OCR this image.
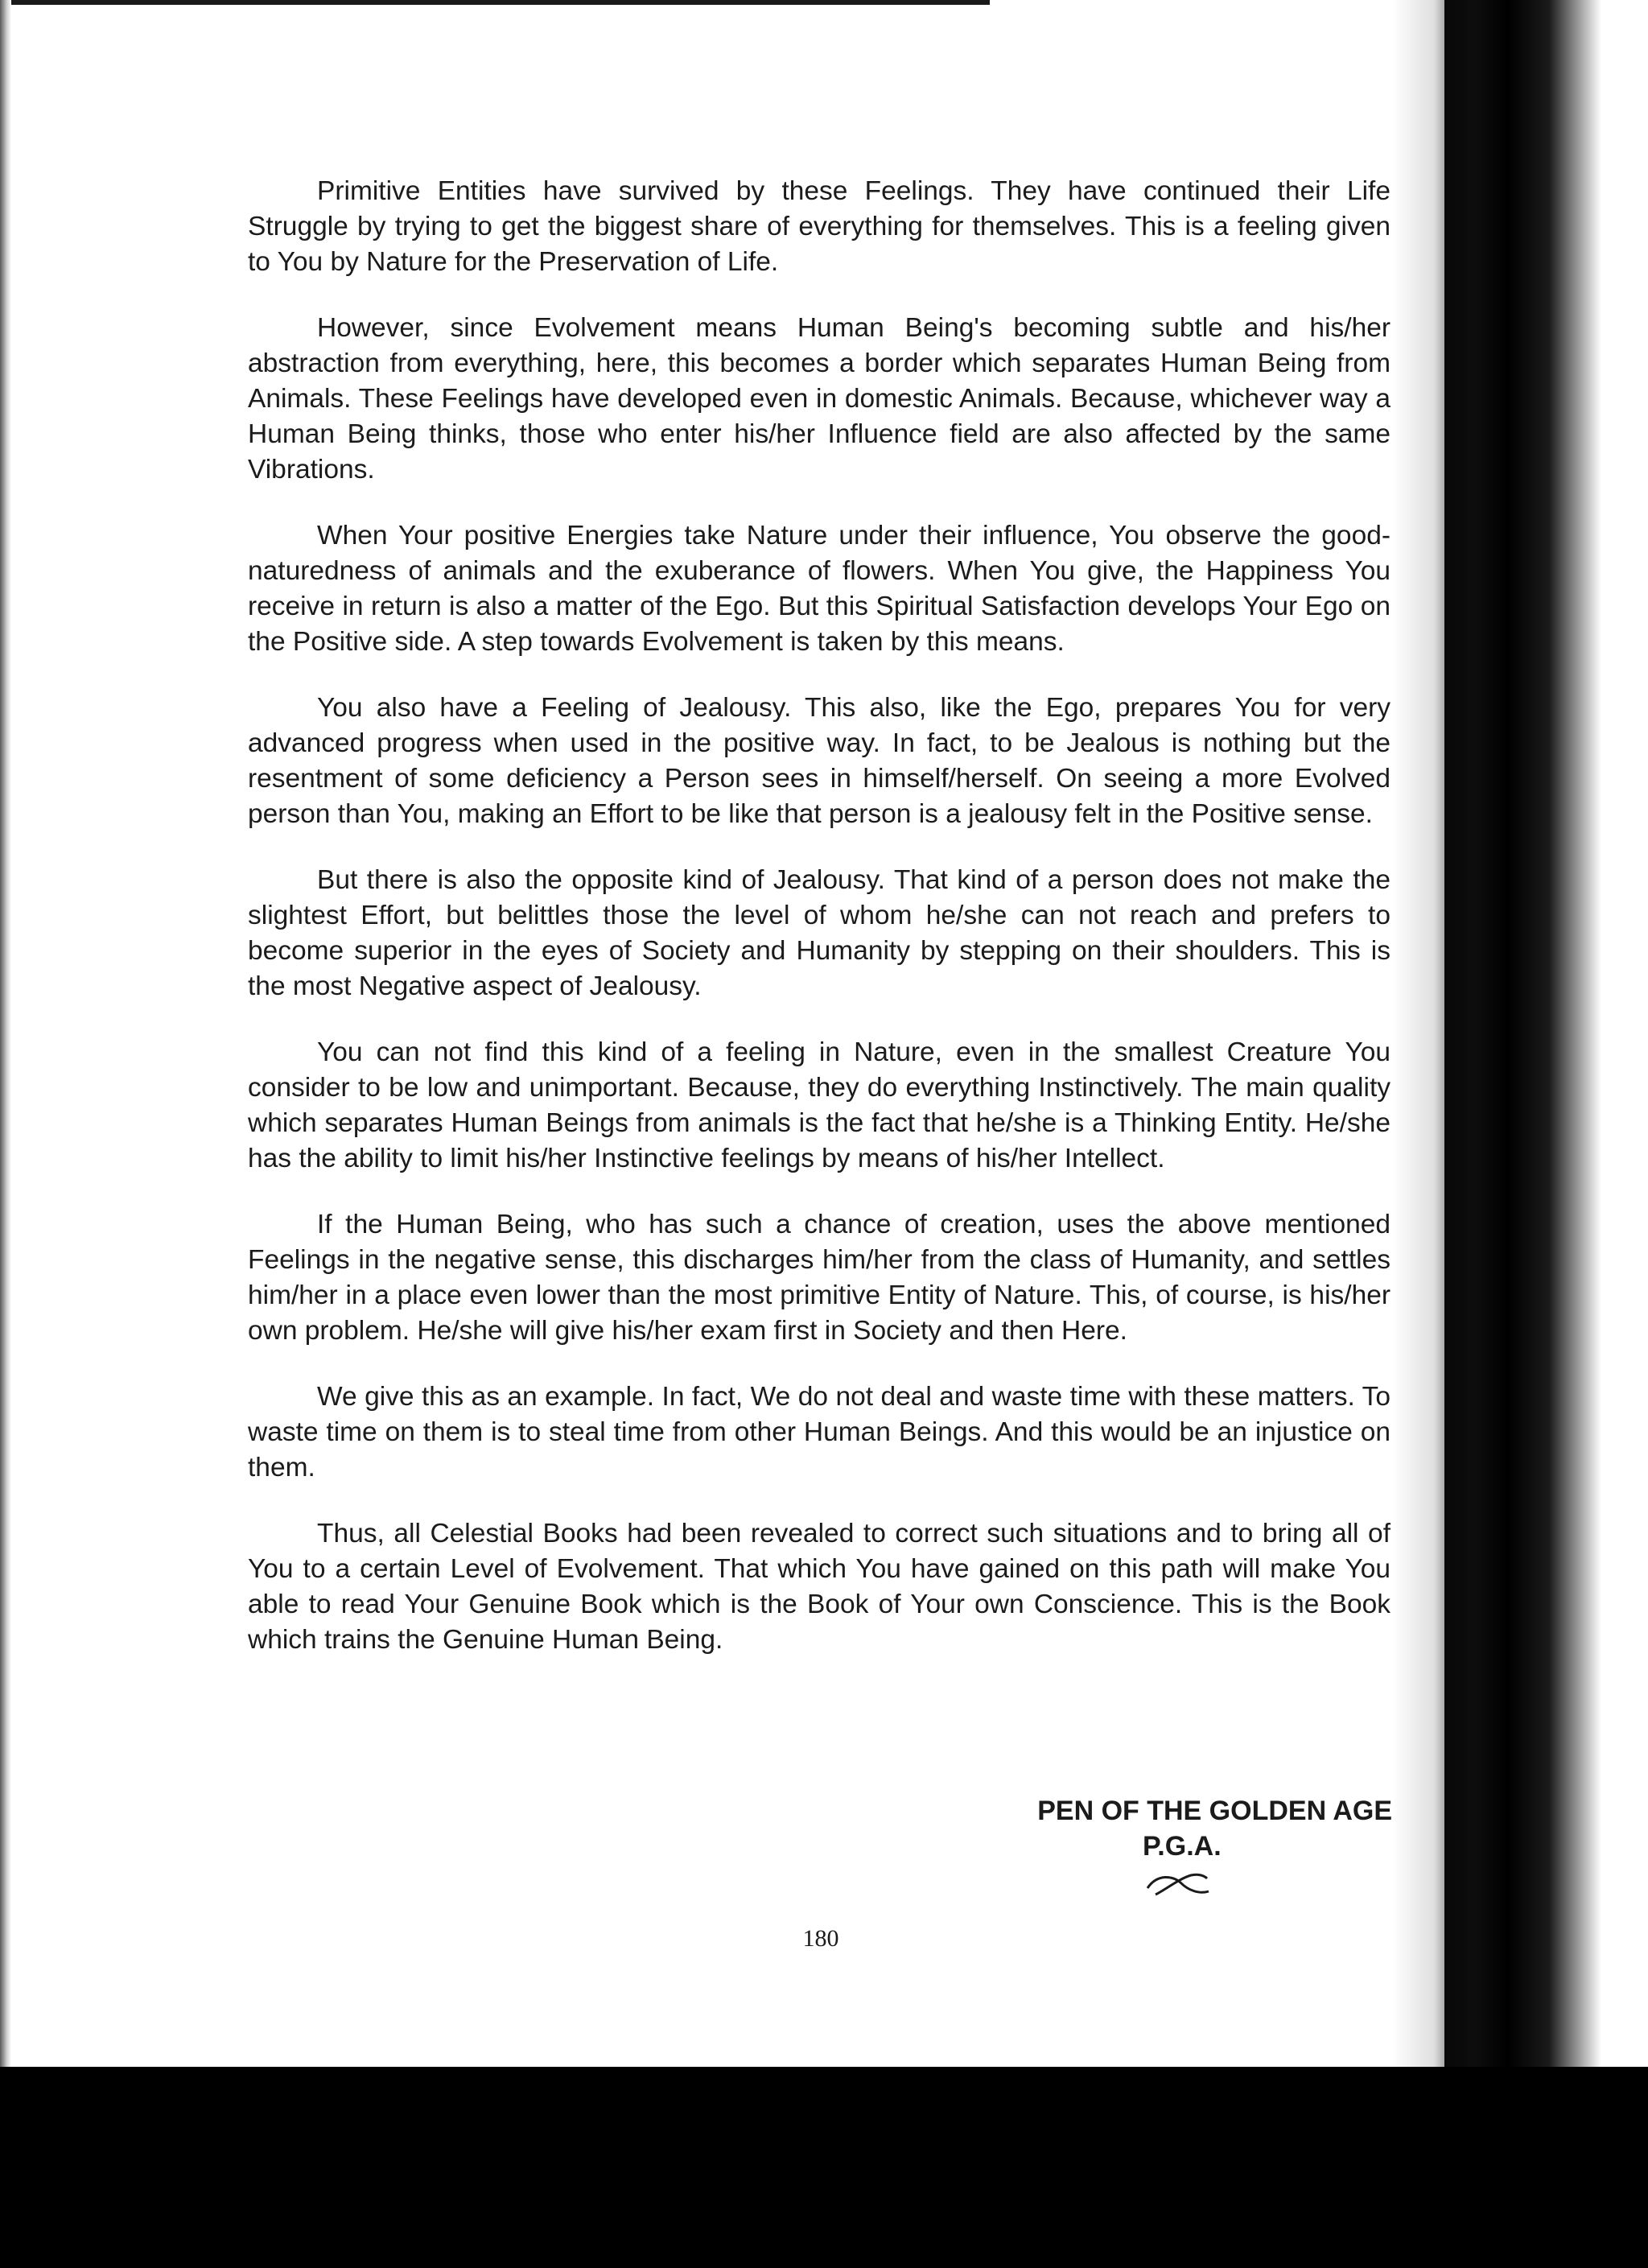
Primitive Entities have survived by these Feelings. They have continued their Life Struggle by trying to get the biggest share of everything for themselves. This is a feeling given to You by Nature for the Preservation of Life.

However, since Evolvement means Human Being's becoming subtle and his/her abstraction from everything, here, this becomes a border which separates Human Being from Animals. These Feelings have developed even in domestic Animals. Because, whichever way a Human Being thinks, those who enter his/her Influence field are also affected by the same Vibrations.

When Your positive Energies take Nature under their influence, You observe the good-naturedness of animals and the exuberance of flowers. When You give, the Happiness You receive in return is also a matter of the Ego. But this Spiritual Satisfaction develops Your Ego on the Positive side. A step towards Evolvement is taken by this means.

You also have a Feeling of Jealousy. This also, like the Ego, prepares You for very advanced progress when used in the positive way. In fact, to be Jealous is nothing but the resentment of some deficiency a Person sees in himself/herself. On seeing a more Evolved person than You, making an Effort to be like that person is a jealousy felt in the Positive sense.

But there is also the opposite kind of Jealousy. That kind of a person does not make the slightest Effort, but belittles those the level of whom he/she can not reach and prefers to become superior in the eyes of Society and Humanity by stepping on their shoulders. This is the most Negative aspect of Jealousy.

You can not find this kind of a feeling in Nature, even in the smallest Creature You consider to be low and unimportant. Because, they do everything Instinctively. The main quality which separates Human Beings from animals is the fact that he/she is a Thinking Entity. He/she has the ability to limit his/her Instinctive feelings by means of his/her Intellect.

If the Human Being, who has such a chance of creation, uses the above mentioned Feelings in the negative sense, this discharges him/her from the class of Humanity, and settles him/her in a place even lower than the most primitive Entity of Nature. This, of course, is his/her own problem. He/she will give his/her exam first in Society and then Here.

We give this as an example. In fact, We do not deal and waste time with these matters. To waste time on them is to steal time from other Human Beings. And this would be an injustice on them.

Thus, all Celestial Books had been revealed to correct such situations and to bring all of You to a certain Level of Evolvement. That which You have gained on this path will make You able to read Your Genuine Book which is the Book of Your own Conscience. This is the Book which trains the Genuine Human Being.

PEN OF THE GOLDEN AGE
P.G.A.
180
